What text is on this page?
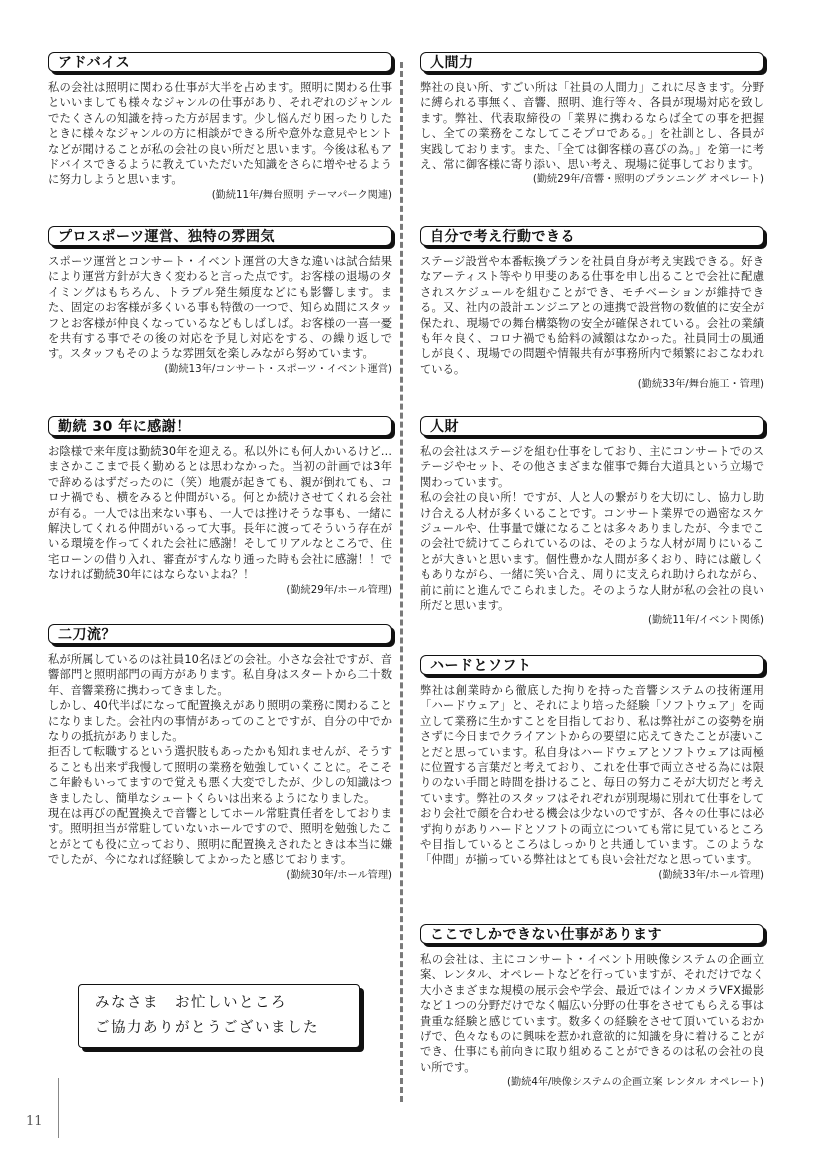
アドバイス
私の会社は照明に関わる仕事が大半を占めます。照明に関わる仕事といいましても様々なジャンルの仕事があり、それぞれのジャンルでたくさんの知識を持った方が居ます。少し悩んだり困ったりしたときに様々なジャンルの方に相談ができる所や意外な意見やヒントなどが聞けることが私の会社の良い所だと思います。今後は私もアドバイスできるように教えていただいた知識をさらに増やせるように努力しようと思います。
(勤続11年/舞台照明 テーマパーク関連)
プロスポーツ運営、独特の雰囲気
スポーツ運営とコンサート・イベント運営の大きな違いは試合結果により運営方針が大きく変わると言った点です。お客様の退場のタイミングはもちろん、トラブル発生頻度などにも影響します。また、固定のお客様が多くいる事も特徴の一つで、知らぬ間にスタッフとお客様が仲良くなっているなどもしばしば。お客様の一喜一憂を共有する事でその後の対応を予見し対応をする、の繰り返しです。スタッフもそのような雰囲気を楽しみながら努めています。
(勤続13年/コンサート・スポーツ・イベント運営)
勤続 30 年に感謝！
お陰様で来年度は勤続30年を迎える。私以外にも何人かいるけど…まさかここまで長く勤めるとは思わなかった。当初の計画では3年で辞めるはずだったのに（笑）地震が起きても、親が倒れても、コロナ禍でも、横をみると仲間がいる。何とか続けさせてくれる会社が有る。一人では出来ない事も、一人では挫けそうな事も、一緒に解決してくれる仲間がいるって大事。長年に渡ってそういう存在がいる環境を作ってくれた会社に感謝！そしてリアルなところで、住宅ローンの借り入れ、審査がすんなり通った時も会社に感謝！！でなければ勤続30年にはならないよね？！
(勤続29年/ホール管理)
二刀流？
私が所属しているのは社員10名ほどの会社。小さな会社ですが、音響部門と照明部門の両方があります。私自身はスタートから二十数年、音響業務に携わってきました。
しかし、40代半ばになって配置換えがあり照明の業務に関わることになりました。会社内の事情があってのことですが、自分の中でかなりの抵抗がありました。
拒否して転職するという選択肢もあったかも知れませんが、そうすることも出来ず我慢して照明の業務を勉強していくことに。そこそこ年齢もいってますので覚えも悪く大変でしたが、少しの知識はつきましたし、簡単なシュートくらいは出来るようになりました。
現在は再びの配置換えで音響としてホール常駐責任者をしております。照明担当が常駐していないホールですので、照明を勉強したことがとても役に立っており、照明に配置換えされたときは本当に嫌でしたが、今になれば経験してよかったと感じております。
(勤続30年/ホール管理)
人間力
弊社の良い所、すごい所は「社員の人間力」これに尽きます。分野に縛られる事無く、音響、照明、進行等々、各員が現場対応を致します。弊社、代表取締役の「業界に携わるならば全ての事を把握し、全ての業務をこなしてこそプロである。」を社訓とし、各員が実践しております。また、「全ては御客様の喜びの為。」を第一に考え、常に御客様に寄り添い、思い考え、現場に従事しております。
(勤続29年/音響・照明のプランニング オペレート)
自分で考え行動できる
ステージ設営や本番転換プランを社員自身が考え実践できる。好きなアーティスト等やり甲斐のある仕事を申し出ることで会社に配慮されスケジュールを組むことができ、モチベーションが維持できる。又、社内の設計エンジニアとの連携で設営物の数値的に安全が保たれ、現場での舞台構築物の安全が確保されている。会社の業績も年々良く、コロナ禍でも給料の減額はなかった。社員同士の風通しが良く、現場での問題や情報共有が事務所内で頻繁におこなわれている。
(勤続33年/舞台施工・管理)
人財
私の会社はステージを組む仕事をしており、主にコンサートでのステージやセット、その他さまざまな催事で舞台大道具という立場で関わっています。
私の会社の良い所！ですが、人と人の繋がりを大切にし、協力し助け合える人材が多くいることです。コンサート業界での過密なスケジュールや、仕事量で嫌になることは多々ありましたが、今までこの会社で続けてこられているのは、そのような人材が周りにいることが大きいと思います。個性豊かな人間が多くおり、時には厳しくもありながら、一緒に笑い合え、周りに支えられ助けられながら、前に前にと進んでこられました。そのような人財が私の会社の良い所だと思います。
(勤続11年/イベント関係)
ハードとソフト
弊社は創業時から徹底した拘りを持った音響システムの技術運用「ハードウェア」と、それにより培った経験「ソフトウェア」を両立して業務に生かすことを目指しており、私は弊社がこの姿勢を崩さずに今日までクライアントからの要望に応えてきたことが凄いことだと思っています。私自身はハードウェアとソフトウェアは両極に位置する言葉だと考えており、これを仕事で両立させる為には限りのない手間と時間を掛けること、毎日の努力こそが大切だと考えています。弊社のスタッフはそれぞれが別現場に別れて仕事をしており会社で顔を合わせる機会は少ないのですが、各々の仕事には必ず拘りがありハードとソフトの両立についても常に見ているところや目指しているところはしっかりと共通しています。このような「仲間」が揃っている弊社はとても良い会社だなと思っています。
(勤続33年/ホール管理)
ここでしかできない仕事があります
私の会社は、主にコンサート・イベント用映像システムの企画立案、レンタル、オペレートなどを行っていますが、それだけでなく大小さまざまな規模の展示会や学会、最近ではインカメラVFX撮影など１つの分野だけでなく幅広い分野の仕事をさせてもらえる事は貴重な経験と感じています。数多くの経験をさせて頂いているおかげで、色々なものに興味を惹かれ意欲的に知識を身に着けることができ、仕事にも前向きに取り組めることができるのは私の会社の良い所です。
(勤続4年/映像システムの企画立案 レンタル オペレート)
みなさま　お忙しいところ
ご協力ありがとうございました
11
